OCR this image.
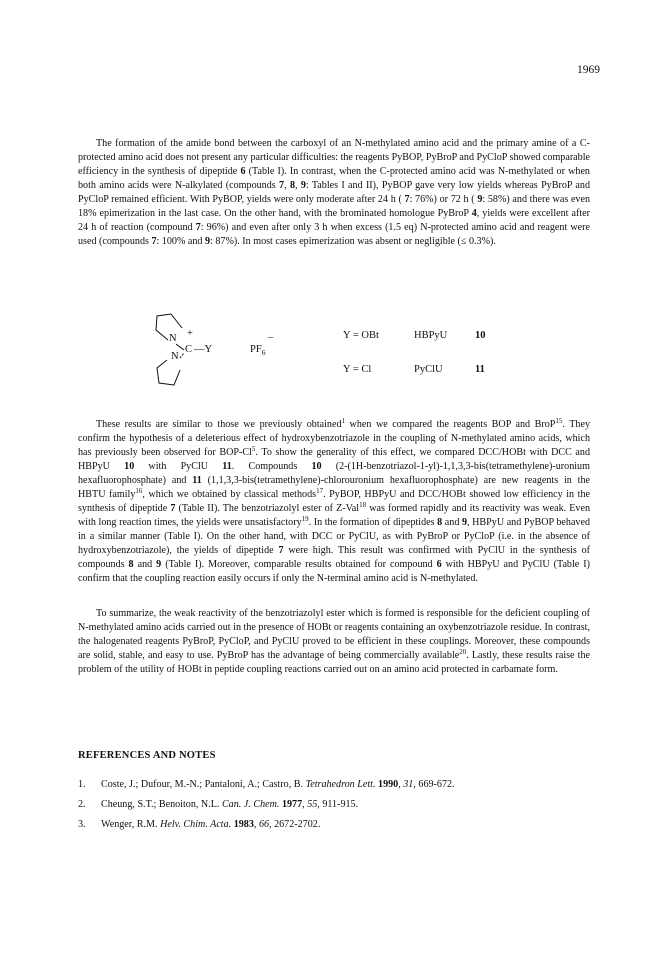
1969

The formation of the amide bond between the carboxyl of an N-methylated amino acid and the primary amine of a C-protected amino acid does not present any particular difficulties: the reagents PyBOP, PyBroP and PyCloP showed comparable efficiency in the synthesis of dipeptide 6 (Table I). In contrast, when the C-protected amino acid was N-methylated or when both amino acids were N-alkylated (compounds 7, 8, 9: Tables I and II), PyBOP gave very low yields whereas PyBroP and PyCloP remained efficient. With PyBOP, yields were only moderate after 24 h ( 7: 76%) or 72 h ( 9: 58%) and there was even 18% epimerization in the last case. On the other hand, with the brominated homologue PyBroP 4, yields were excellent after 24 h of reaction (compound 7: 96%) and even after only 3 h when excess (1.5 eq) N-protected amino acid and reagent were used (compounds 7: 100% and 9: 87%). In most cases epimerization was absent or negligible (≤ 0.3%).

N +
C —Y
N
–
$PF_6$
Y = OBt	HBPyU	10
Y = Cl	PyClU	11

These results are similar to those we previously obtained$^1$ when we compared the reagents BOP and BroP$^{15}$. They confirm the hypothesis of a deleterious effect of hydroxybenzotriazole in the coupling of N-methylated amino acids, which has previously been observed for BOP-Cl$^5$. To show the generality of this effect, we compared DCC/HOBt with DCC and HBPyU 10 with PyClU 11. Compounds 10 (2-(1H-benzotriazol-1-yl)-1,1,3,3-bis(tetramethylene)-uronium hexafluorophosphate) and 11 (1,1,3,3-bis(tetramethylene)-chlorouronium hexafluorophosphate) are new reagents in the HBTU family$^{16}$, which we obtained by classical methods$^{17}$. PyBOP, HBPyU and DCC/HOBt showed low efficiency in the synthesis of dipeptide 7 (Table II). The benzotriazolyl ester of Z-Val$^{18}$ was formed rapidly and its reactivity was weak. Even with long reaction times, the yields were unsatisfactory$^{19}$. In the formation of dipeptides 8 and 9, HBPyU and PyBOP behaved in a similar manner (Table I). On the other hand, with DCC or PyClU, as with PyBroP or PyCloP (i.e. in the absence of hydroxybenzotriazole), the yields of dipeptide 7 were high. This result was confirmed with PyClU in the synthesis of compounds 8 and 9 (Table I). Moreover, comparable results obtained for compound 6 with HBPyU and PyClU (Table I) confirm that the coupling reaction easily occurs if only the N-terminal amino acid is N-methylated.

To summarize, the weak reactivity of the benzotriazolyl ester which is formed is responsible for the deficient coupling of N-methylated amino acids carried out in the presence of HOBt or reagents containing an oxybenzotriazole residue. In contrast, the halogenated reagents PyBroP, PyCloP, and PyClU proved to be efficient in these couplings. Moreover, these compounds are solid, stable, and easy to use. PyBroP has the advantage of being commercially available$^{20}$. Lastly, these results raise the problem of the utility of HOBt in peptide coupling reactions carried out on an amino acid protected in carbamate form.

REFERENCES AND NOTES
1. Coste, J.; Dufour, M.-N.; Pantaloni, A.; Castro, B. Tetrahedron Lett. 1990, 31, 669-672.
2. Cheung, S.T.; Benoiton, N.L. Can. J. Chem. 1977, 55, 911-915.
3. Wenger, R.M. Helv. Chim. Acta. 1983, 66, 2672-2702.
